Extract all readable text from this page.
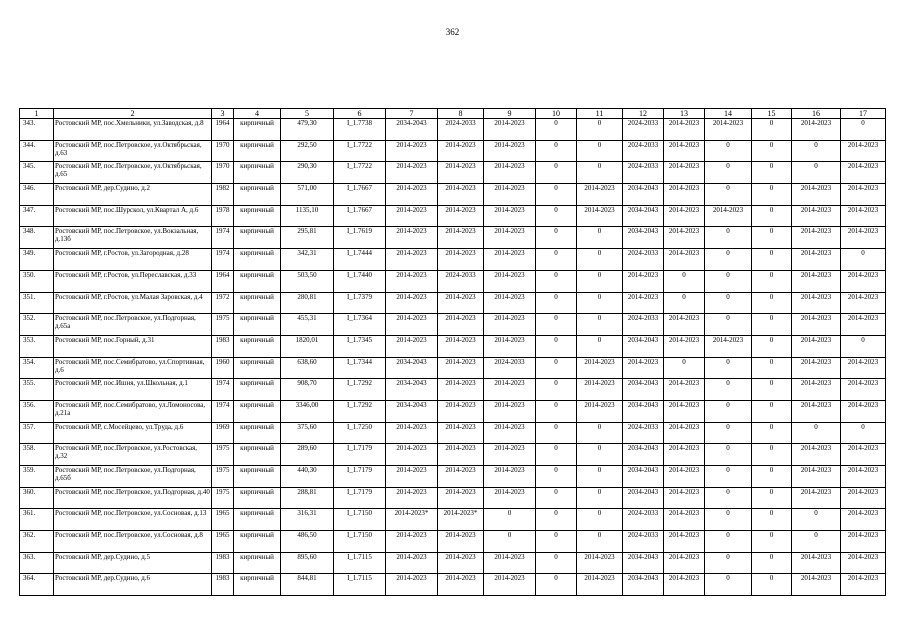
362
1	2	3	4	5	6	7	8	9	10	11	12	13	14	15	16	17
343.	Ростовский МР, пос.Хмельники, ул.Заводская, д.8	1964	кирпичный	479,30	I_1.7738	2034-2043	2024-2033	2014-2023	0	0	2024-2033	2014-2023	2014-2023	0	2014-2023	0
344.	Ростовский МР, пос.Петровское, ул.Октябрьская, д.63	1970	кирпичный	292,50	I_1.7722	2014-2023	2014-2023	2014-2023	0	0	2024-2033	2014-2023	0	0	0	2014-2023
345.	Ростовский МР, пос.Петровское, ул.Октябрьская, д.65	1970	кирпичный	290,30	I_1.7722	2014-2023	2014-2023	2014-2023	0	0	2024-2033	2014-2023	0	0	0	2014-2023
346.	Ростовский МР, дер.Судино, д.2	1982	кирпичный	571,00	I_1.7667	2014-2023	2014-2023	2014-2023	0	2014-2023	2034-2043	2014-2023	0	0	2014-2023	2014-2023
347.	Ростовский МР, пос.Шурскол, ул.Квартал А, д.6	1978	кирпичный	1135,10	I_1.7667	2014-2023	2014-2023	2014-2023	0	2014-2023	2034-2043	2014-2023	2014-2023	0	2014-2023	2014-2023
348.	Ростовский МР, пос.Петровское, ул.Вокзальная, д.13б	1974	кирпичный	295,81	I_1.7619	2014-2023	2014-2023	2014-2023	0	0	2034-2043	2014-2023	0	0	2014-2023	2014-2023
349.	Ростовский МР, г.Ростов, ул.Загородная, д.28	1974	кирпичный	342,31	I_1.7444	2014-2023	2014-2023	2014-2023	0	0	2024-2033	2014-2023	0	0	2014-2023	0
350.	Ростовский МР, г.Ростов, ул.Переславская, д.33	1964	кирпичный	503,50	I_1.7440	2014-2023	2024-2033	2014-2023	0	0	2014-2023	0	0	0	2014-2023	2014-2023
351.	Ростовский МР, г.Ростов, ул.Малая Заровская, д.4	1972	кирпичный	280,81	I_1.7379	2014-2023	2014-2023	2014-2023	0	0	2014-2023	0	0	0	2014-2023	2014-2023
352.	Ростовский МР, пос.Петровское, ул.Подгорная, д.65а	1975	кирпичный	455,31	I_1.7364	2014-2023	2014-2023	2014-2023	0	0	2024-2033	2014-2023	0	0	2014-2023	2014-2023
353.	Ростовский МР, пос.Горный, д.31	1983	кирпичный	1820,01	I_1.7345	2014-2023	2014-2023	2014-2023	0	0	2034-2043	2014-2023	2014-2023	0	2014-2023	0
354.	Ростовский МР, пос.Семибратово, ул.Спортивная, д.6	1960	кирпичный	638,60	I_1.7344	2034-2043	2014-2023	2024-2033	0	2014-2023	2014-2023	0	0	0	2014-2023	2014-2023
355.	Ростовский МР, пос.Ишня, ул.Школьная, д.1	1974	кирпичный	908,70	I_1.7292	2034-2043	2014-2023	2014-2023	0	2014-2023	2034-2043	2014-2023	0	0	2014-2023	2014-2023
356.	Ростовский МР, пос.Семибратово, ул.Ломоносова, д.21а	1974	кирпичный	3346,00	I_1.7292	2034-2043	2014-2023	2014-2023	0	2014-2023	2034-2043	2014-2023	0	0	2014-2023	2014-2023
357.	Ростовский МР, с.Мосейцево, ул.Труда, д.6	1969	кирпичный	375,60	I_1.7250	2014-2023	2014-2023	2014-2023	0	0	2024-2033	2014-2023	0	0	0	0
358.	Ростовский МР, пос.Петровское, ул.Ростовская, д.32	1975	кирпичный	289,60	I_1.7179	2014-2023	2014-2023	2014-2023	0	0	2034-2043	2014-2023	0	0	2014-2023	2014-2023
359.	Ростовский МР, пос.Петровское, ул.Подгорная, д.65б	1975	кирпичный	440,30	I_1.7179	2014-2023	2014-2023	2014-2023	0	0	2034-2043	2014-2023	0	0	2014-2023	2014-2023
360.	Ростовский МР, пос.Петровское, ул.Подгорная, д.40	1975	кирпичный	288,81	I_1.7179	2014-2023	2014-2023	2014-2023	0	0	2034-2043	2014-2023	0	0	2014-2023	2014-2023
361.	Ростовский МР, пос.Петровское, ул.Сосновая, д.13	1965	кирпичный	316,31	I_1.7150	2014-2023*	2014-2023*	0	0	0	2024-2033	2014-2023	0	0	0	2014-2023
362.	Ростовский МР, пос.Петровское, ул.Сосновая, д.8	1965	кирпичный	486,50	I_1.7150	2014-2023	2014-2023	0	0	0	2024-2033	2014-2023	0	0	0	2014-2023
363.	Ростовский МР, дер.Судино, д.5	1983	кирпичный	895,60	I_1.7115	2014-2023	2014-2023	2014-2023	0	2014-2023	2034-2043	2014-2023	0	0	2014-2023	2014-2023
364.	Ростовский МР, дер.Судино, д.6	1983	кирпичный	844,81	I_1.7115	2014-2023	2014-2023	2014-2023	0	2014-2023	2034-2043	2014-2023	0	0	2014-2023	2014-2023
